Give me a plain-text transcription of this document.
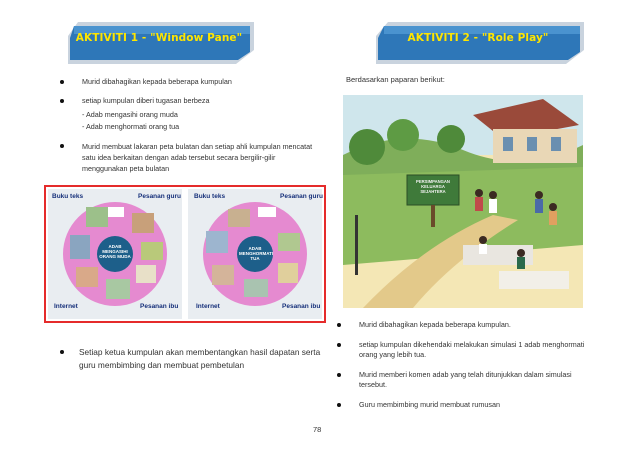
AKTIVITI 1 - "Window Pane"	AKTIVITI 2 - "Role Play"
Murid dibahagikan kepada beberapa kumpulan
setiap kumpulan diberi tugasan berbeza
- Adab mengasihi orang muda
- Adab menghormati orang tua
Murid membuat lakaran peta bulatan dan setiap ahli kumpulan mencatat satu idea berkaitan dengan adab tersebut secara bergilir-gilir menggunakan peta bulatan
Berdasarkan paparan berikut:
Buku teks	Pesanan guru
Internet	Pesanan ibu
Buku teks	Pesanan guru
Internet	Pesanan ibu
ADAB MENGASIHI ORANG MUDA
ADAB MENGHORMATI TUA
PERSIMPANGAN KELUARGA SEJAHTERA
Setiap ketua kumpulan akan membentangkan hasil dapatan serta guru membimbing dan membuat pembetulan
Murid dibahagikan kepada beberapa kumpulan.
setiap kumpulan dikehendaki melakukan simulasi 1 adab menghormati orang yang lebih tua.
Murid memberi komen adab yang telah ditunjukkan dalam simulasi tersebut.
Guru membimbing murid membuat rumusan
78
